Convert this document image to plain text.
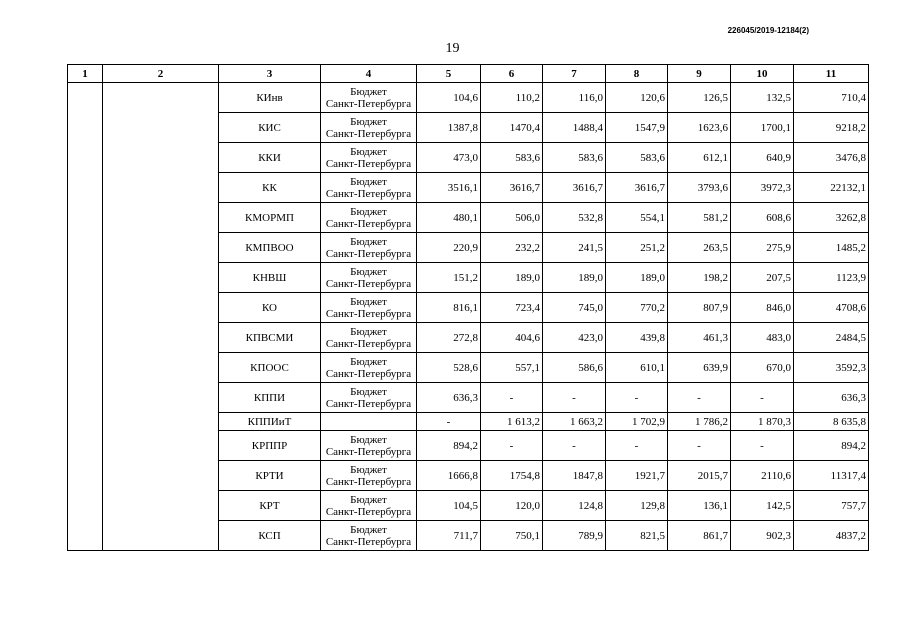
226045/2019-12184(2)
19
1	2	3	4	5	6	7	8	9	10	11
		КИнв	Бюджет
Санкт-Петербурга	104,6	110,2	116,0	120,6	126,5	132,5	710,4
		КИС	Бюджет
Санкт-Петербурга	1387,8	1470,4	1488,4	1547,9	1623,6	1700,1	9218,2
		ККИ	Бюджет
Санкт-Петербурга	473,0	583,6	583,6	583,6	612,1	640,9	3476,8
		КК	Бюджет
Санкт-Петербурга	3516,1	3616,7	3616,7	3616,7	3793,6	3972,3	22132,1
		КМОРМП	Бюджет
Санкт-Петербурга	480,1	506,0	532,8	554,1	581,2	608,6	3262,8
		КМПВОО	Бюджет
Санкт-Петербурга	220,9	232,2	241,5	251,2	263,5	275,9	1485,2
		КНВШ	Бюджет
Санкт-Петербурга	151,2	189,0	189,0	189,0	198,2	207,5	1123,9
		КО	Бюджет
Санкт-Петербурга	816,1	723,4	745,0	770,2	807,9	846,0	4708,6
		КПВСМИ	Бюджет
Санкт-Петербурга	272,8	404,6	423,0	439,8	461,3	483,0	2484,5
		КПООС	Бюджет
Санкт-Петербурга	528,6	557,1	586,6	610,1	639,9	670,0	3592,3
		КППИ	Бюджет
Санкт-Петербурга	636,3	-	-	-	-	-	636,3
		КППИиТ		-	1 613,2	1 663,2	1 702,9	1 786,2	1 870,3	8 635,8
		КРППР	Бюджет
Санкт-Петербурга	894,2	-	-	-	-	-	894,2
		КРТИ	Бюджет
Санкт-Петербурга	1666,8	1754,8	1847,8	1921,7	2015,7	2110,6	11317,4
		КРТ	Бюджет
Санкт-Петербурга	104,5	120,0	124,8	129,8	136,1	142,5	757,7
		КСП	Бюджет
Санкт-Петербурга	711,7	750,1	789,9	821,5	861,7	902,3	4837,2
